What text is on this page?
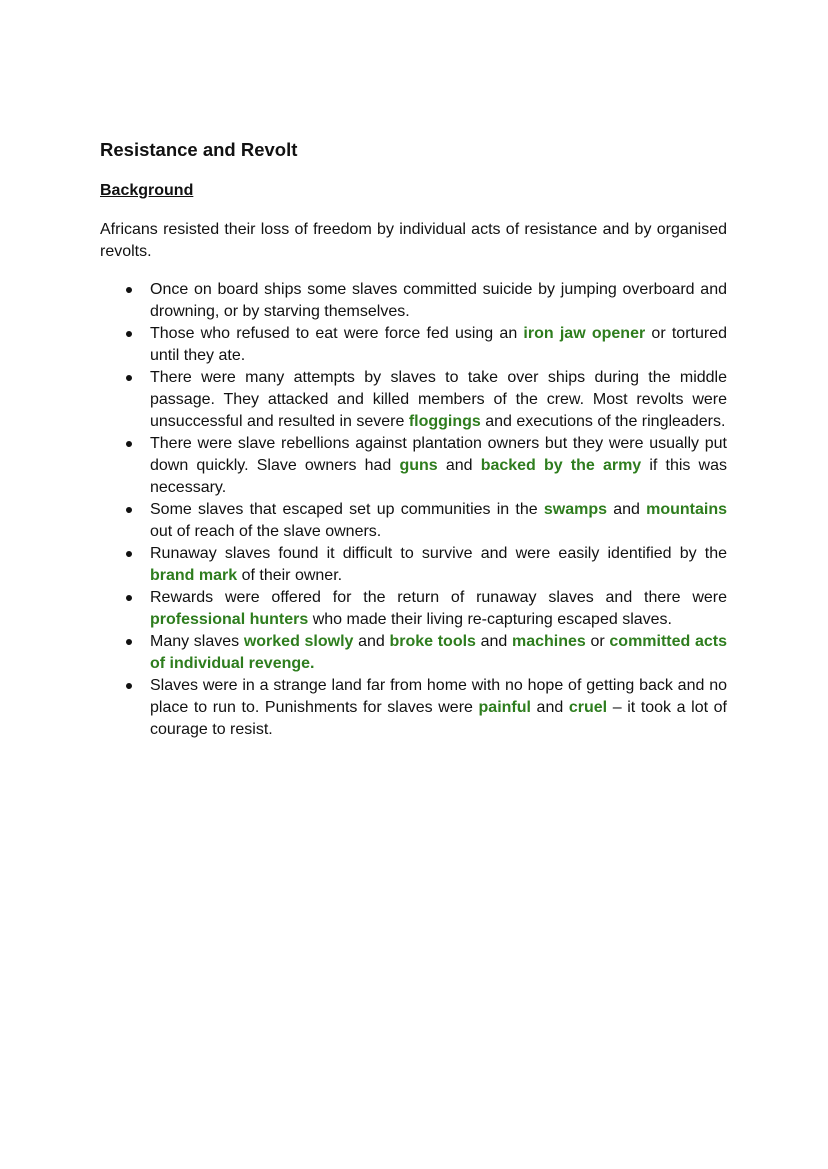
Resistance and Revolt
Background

Africans resisted their loss of freedom by individual acts of resistance and by organised revolts.

Once on board ships some slaves committed suicide by jumping overboard and drowning, or by starving themselves.
Those who refused to eat were force fed using an iron jaw opener or tortured until they ate.
There were many attempts by slaves to take over ships during the middle passage. They attacked and killed members of the crew. Most revolts were unsuccessful and resulted in severe floggings and executions of the ringleaders.
There were slave rebellions against plantation owners but they were usually put down quickly. Slave owners had guns and backed by the army if this was necessary.
Some slaves that escaped set up communities in the swamps and mountains out of reach of the slave owners.
Runaway slaves found it difficult to survive and were easily identified by the brand mark of their owner.
Rewards were offered for the return of runaway slaves and there were professional hunters who made their living re-capturing escaped slaves.
Many slaves worked slowly and broke tools and machines or committed acts of individual revenge.
Slaves were in a strange land far from home with no hope of getting back and no place to run to. Punishments for slaves were painful and cruel – it took a lot of courage to resist.
